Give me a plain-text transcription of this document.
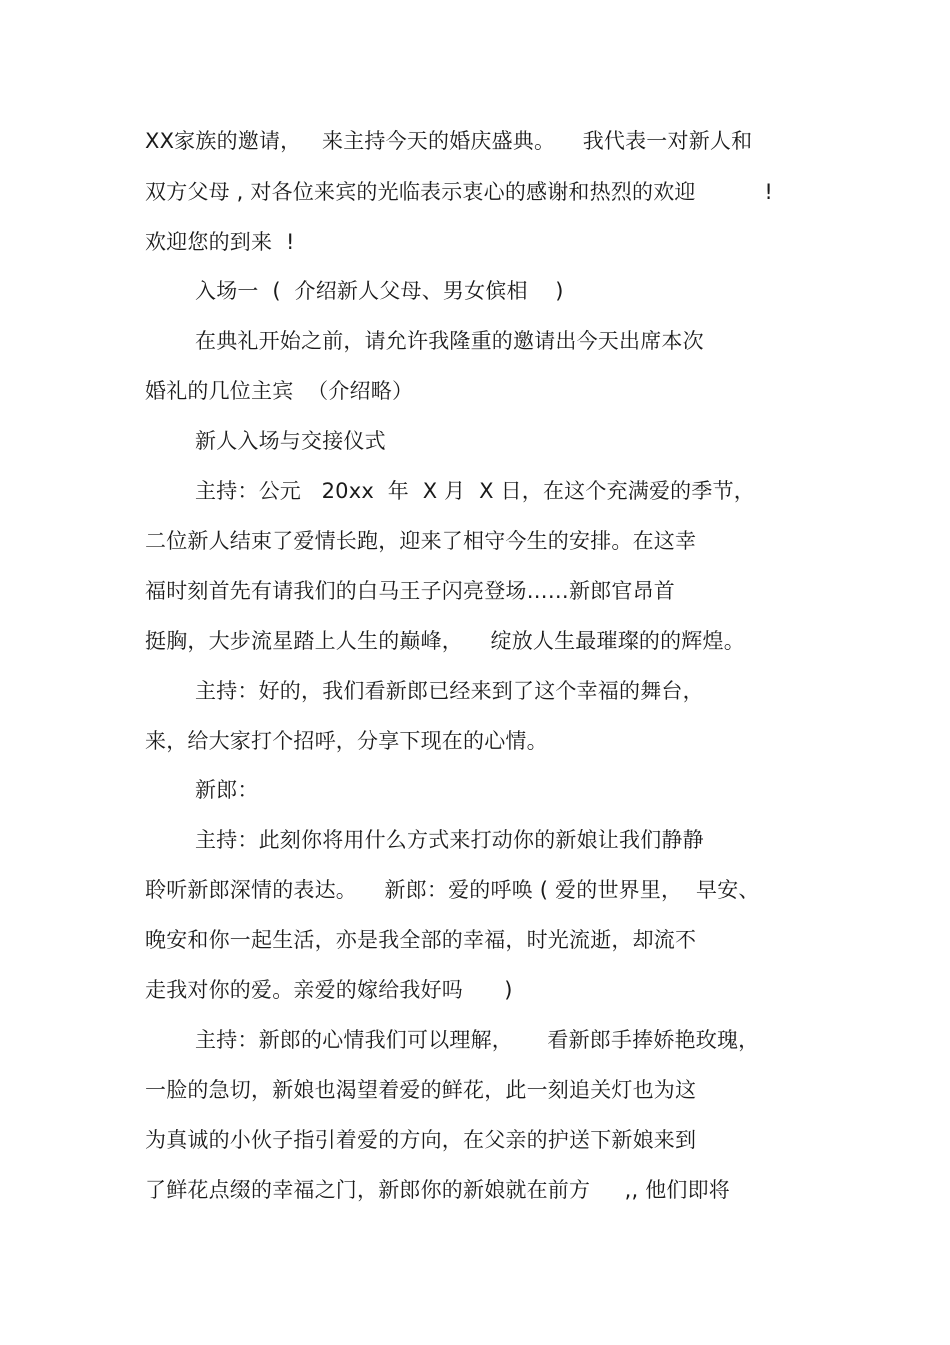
XX家族的邀请，   来主持今天的婚庆盛典。    我代表一对新人和
双方父母 , 对各位来宾的光临表示衷心的感谢和热烈的欢迎          !
欢迎您的到来  !
入场一  (  介绍新人父母、男女傧相    )
在典礼开始之前，请允许我隆重的邀请出今天出席本次
婚礼的几位主宾  （介绍略）
新人入场与交接仪式
主持：公元   20xx  年  X 月  X 日，在这个充满爱的季节，
二位新人结束了爱情长跑，迎来了相守今生的安排。在这幸
福时刻首先有请我们的白马王子闪亮登场……新郎官昂首
挺胸，大步流星踏上人生的巅峰，    绽放人生最璀璨的的辉煌。
主持：好的，我们看新郎已经来到了这个幸福的舞台，
来，给大家打个招呼，分享下现在的心情。
新郎：
主持：此刻你将用什么方式来打动你的新娘让我们静静
聆听新郎深情的表达。    新郎：爱的呼唤 ( 爱的世界里，  早安、
晚安和你一起生活，亦是我全部的幸福，时光流逝，却流不
走我对你的爱。亲爱的嫁给我好吗      )
主持：新郎的心情我们可以理解，     看新郎手捧娇艳玫瑰，
一脸的急切，新娘也渴望着爱的鲜花，此一刻追关灯也为这
为真诚的小伙子指引着爱的方向，在父亲的护送下新娘来到
了鲜花点缀的幸福之门，新郎你的新娘就在前方     ,, 他们即将
